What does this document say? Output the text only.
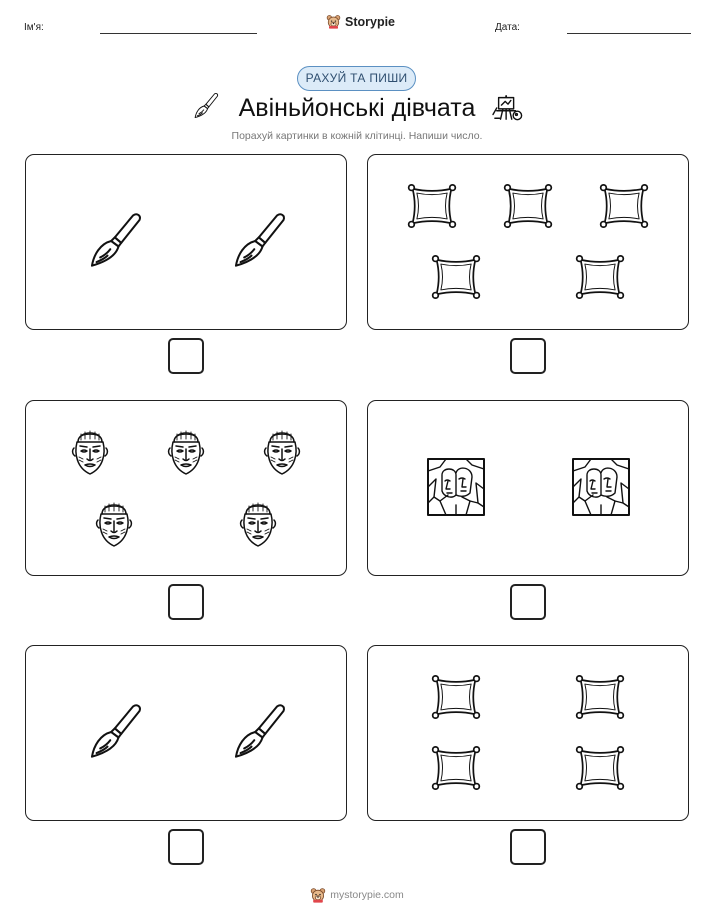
Ім'я:	Storypie	Дата:
РАХУЙ ТА ПИШИ
Авіньйонські дівчата
Порахуй картинки в кожній клітинці. Напиши число.
mystorypie.com
